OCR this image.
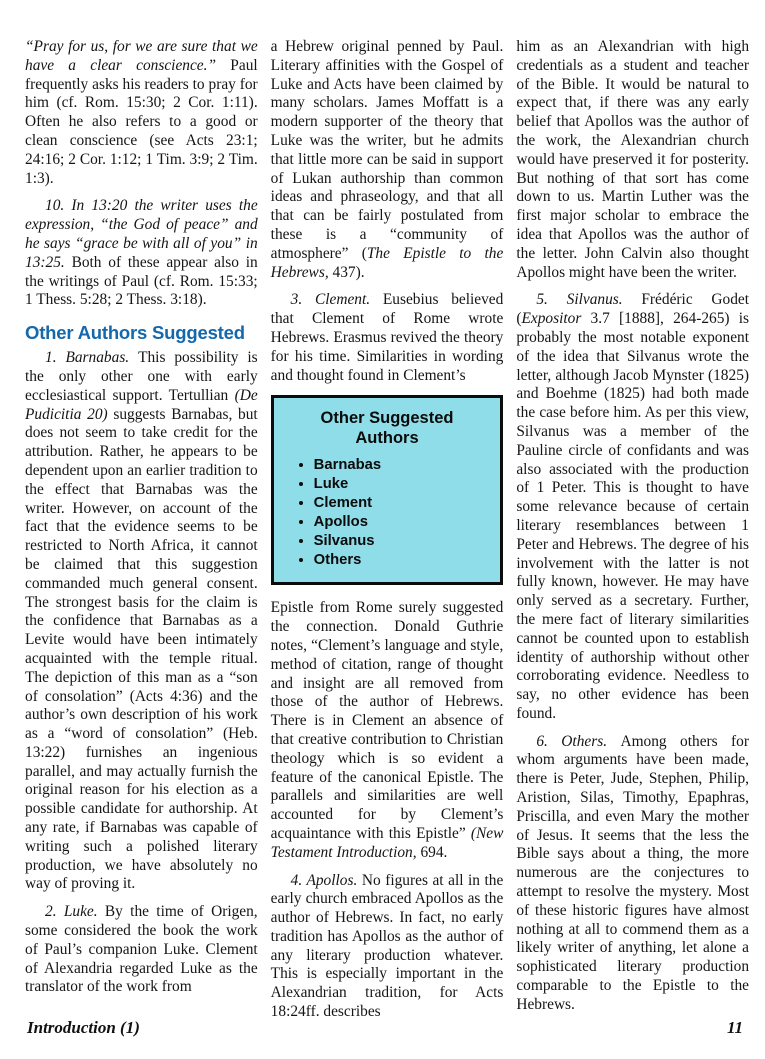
“Pray for us, for we are sure that we have a clear conscience.” Paul frequently asks his readers to pray for him (cf. Rom. 15:30; 2 Cor. 1:11). Often he also refers to a good or clean conscience (see Acts 23:1; 24:16; 2 Cor. 1:12; 1 Tim. 3:9; 2 Tim. 1:3).

10. In 13:20 the writer uses the expression, “the God of peace” and he says “grace be with all of you” in 13:25. Both of these appear also in the writings of Paul (cf. Rom. 15:33; 1 Thess. 5:28; 2 Thess. 3:18).

Other Authors Suggested

1. Barnabas. This possibility is the only other one with early ecclesiastical support. Tertullian (De Pudicitia 20) suggests Barnabas, but does not seem to take credit for the attribution. Rather, he appears to be dependent upon an earlier tradition to the effect that Barnabas was the writer. However, on account of the fact that the evidence seems to be restricted to North Africa, it cannot be claimed that this suggestion commanded much general consent. The strongest basis for the claim is the confidence that Barnabas as a Levite would have been intimately acquainted with the temple ritual. The depiction of this man as a “son of consolation” (Acts 4:36) and the author’s own description of his work as a “word of consolation” (Heb. 13:22) furnishes an ingenious parallel, and may actually furnish the original reason for his election as a possible candidate for authorship. At any rate, if Barnabas was capable of writing such a polished literary production, we have absolutely no way of proving it.

2. Luke. By the time of Origen, some considered the book the work of Paul’s companion Luke. Clement of Alexandria regarded Luke as the translator of the work from

a Hebrew original penned by Paul. Literary affinities with the Gospel of Luke and Acts have been claimed by many scholars. James Moffatt is a modern supporter of the theory that Luke was the writer, but he admits that little more can be said in support of Lukan authorship than common ideas and phraseology, and that all that can be fairly postulated from these is a “community of atmosphere” (The Epistle to the Hebrews, 437).

3. Clement. Eusebius believed that Clement of Rome wrote Hebrews. Erasmus revived the theory for his time. Similarities in wording and thought found in Clement’s

Other Suggested Authors
• Barnabas
• Luke
• Clement
• Apollos
• Silvanus
• Others

Epistle from Rome surely suggested the connection. Donald Guthrie notes, “Clement’s language and style, method of citation, range of thought and insight are all removed from those of the author of Hebrews. There is in Clement an absence of that creative contribution to Christian theology which is so evident a feature of the canonical Epistle. The parallels and similarities are well accounted for by Clement’s acquaintance with this Epistle” (New Testament Introduction, 694.

4. Apollos. No figures at all in the early church embraced Apollos as the author of Hebrews. In fact, no early tradition has Apollos as the author of any literary production whatever. This is especially important in the Alexandrian tradition, for Acts 18:24ff. describes

him as an Alexandrian with high credentials as a student and teacher of the Bible. It would be natural to expect that, if there was any early belief that Apollos was the author of the work, the Alexandrian church would have preserved it for posterity. But nothing of that sort has come down to us. Martin Luther was the first major scholar to embrace the idea that Apollos was the author of the letter. John Calvin also thought Apollos might have been the writer.

5. Silvanus. Frédéric Godet (Expositor 3.7 [1888], 264-265) is probably the most notable exponent of the idea that Silvanus wrote the letter, although Jacob Mynster (1825) and Boehme (1825) had both made the case before him. As per this view, Silvanus was a member of the Pauline circle of confidants and was also associated with the production of 1 Peter. This is thought to have some relevance because of certain literary resemblances between 1 Peter and Hebrews. The degree of his involvement with the latter is not fully known, however. He may have only served as a secretary. Further, the mere fact of literary similarities cannot be counted upon to establish identity of authorship without other corroborating evidence. Needless to say, no other evidence has been found.

6. Others. Among others for whom arguments have been made, there is Peter, Jude, Stephen, Philip, Aristion, Silas, Timothy, Epaphras, Priscilla, and even Mary the mother of Jesus. It seems that the less the Bible says about a thing, the more numerous are the conjectures to attempt to resolve the mystery. Most of these historic figures have almost nothing at all to commend them as a likely writer of anything, let alone a sophisticated literary production comparable to the Epistle to the Hebrews.

Introduction (1)	11
